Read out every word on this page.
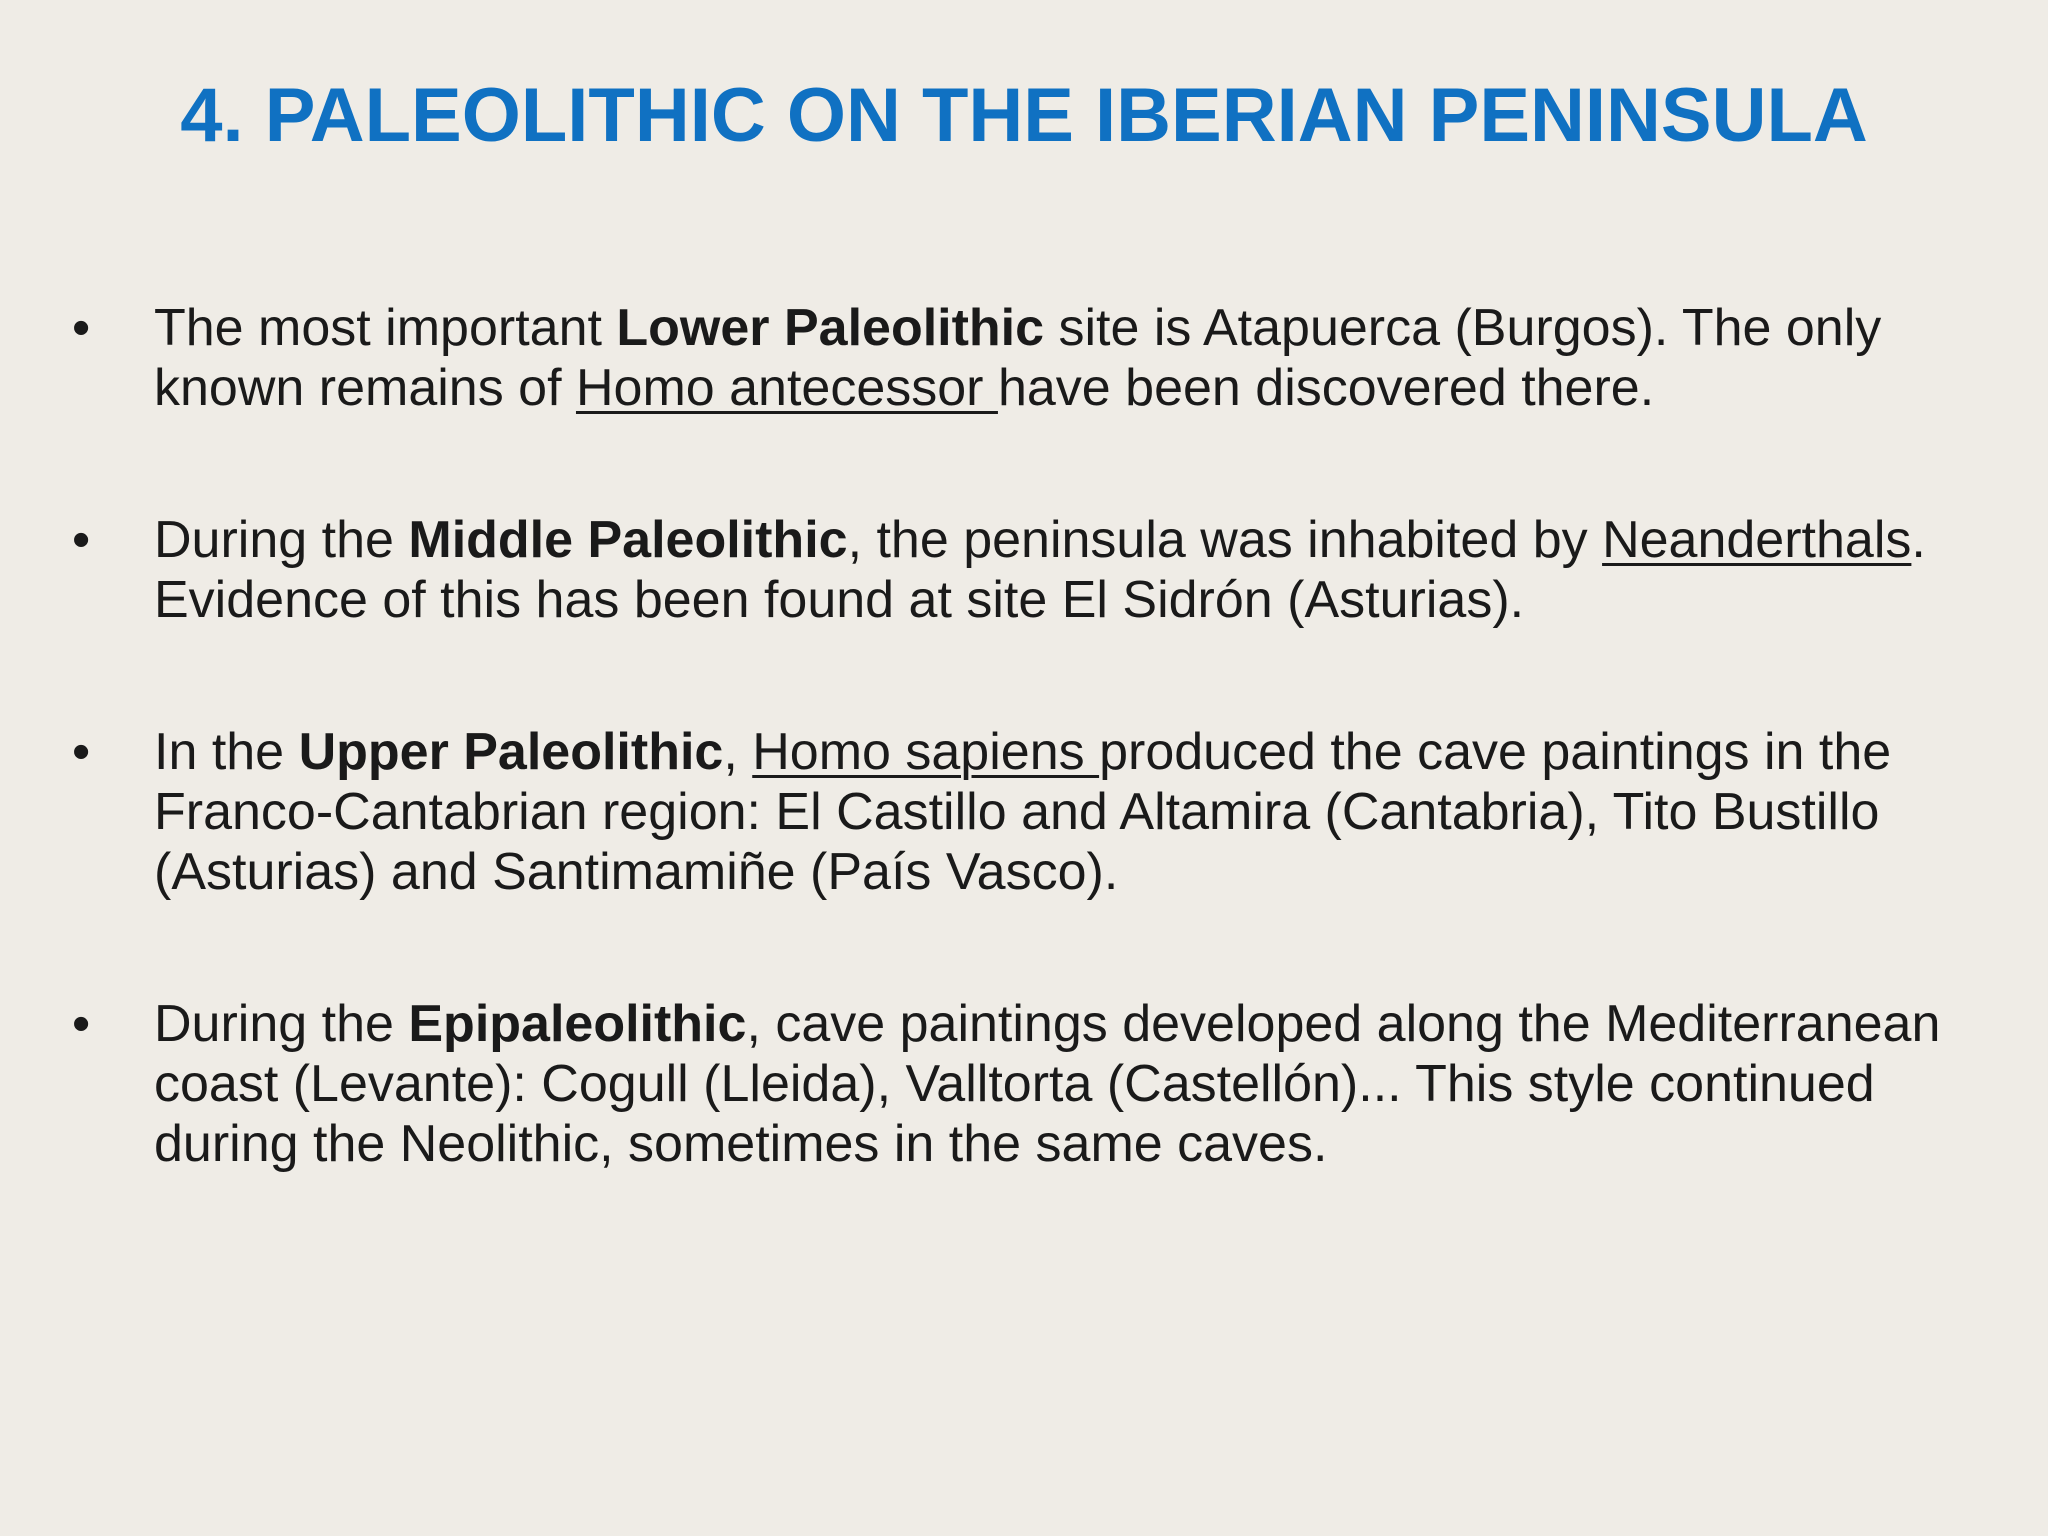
4. PALEOLITHIC ON THE IBERIAN PENINSULA
• The most important Lower Paleolithic site is Atapuerca (Burgos). The only known remains of Homo antecessor have been discovered there.
• During the Middle Paleolithic, the peninsula was inhabited by Neanderthals. Evidence of this has been found at site El Sidrón (Asturias).
• In the Upper Paleolithic, Homo sapiens produced the cave paintings in the Franco-Cantabrian region: El Castillo and Altamira (Cantabria), Tito Bustillo (Asturias) and Santimamiñe (País Vasco).
• During the Epipaleolithic, cave paintings developed along the Mediterranean coast (Levante): Cogull (Lleida), Valltorta (Castellón)... This style continued during the Neolithic, sometimes in the same caves.
